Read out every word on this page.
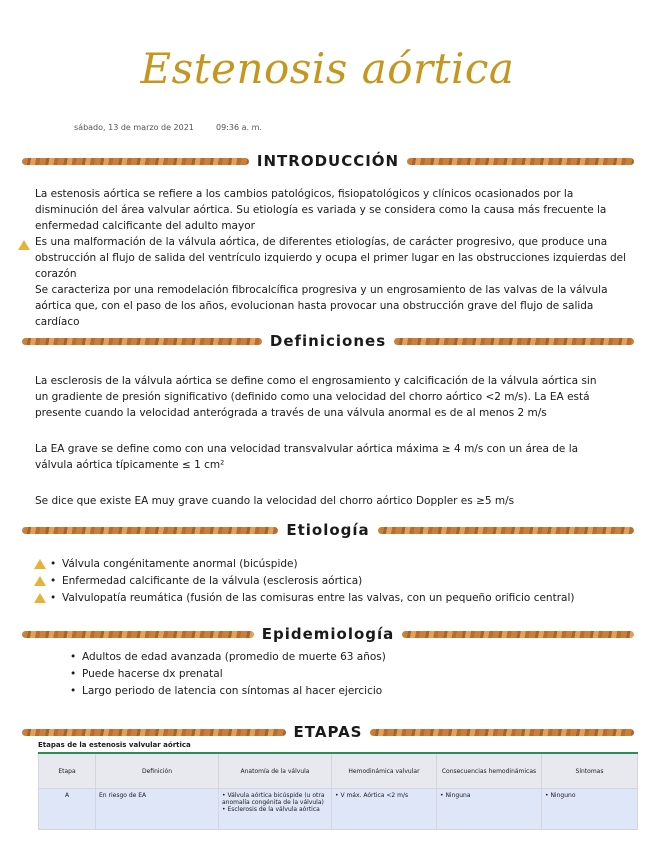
Estenosis aórtica
sábado, 13 de marzo de 2021	09:36 a. m.
INTRODUCCIÓN

La estenosis aórtica se refiere a los cambios patológicos, fisiopatológicos y clínicos ocasionados por la disminución del área valvular aórtica. Su etiología es variada y se considera como la causa más frecuente la enfermedad calcificante del adulto mayor

Es una malformación de la válvula aórtica, de diferentes etiologías, de carácter progresivo, que produce una obstrucción al flujo de salida del ventrículo izquierdo y ocupa el primer lugar en las obstrucciones izquierdas del corazón

Se caracteriza por una remodelación fibrocalcífica progresiva y un engrosamiento de las valvas de la válvula aórtica que, con el paso de los años, evolucionan hasta provocar una obstrucción grave del flujo de salida cardíaco

Definiciones

La esclerosis de la válvula aórtica se define como el engrosamiento y calcificación de la válvula aórtica sin un gradiente de presión significativo (definido como una velocidad del chorro aórtico <2 m/s). La EA está presente cuando la velocidad anterógrada a través de una válvula anormal es de al menos 2 m/s

La EA grave se define como con una velocidad transvalvular aórtica máxima ≥ 4 m/s con un área de la válvula aórtica típicamente ≤ 1 cm²

Se dice que existe EA muy grave cuando la velocidad del chorro aórtico Doppler es ≥5 m/s

Etiología
• Válvula congénitamente anormal (bicúspide)
• Enfermedad calcificante de la válvula (esclerosis aórtica)
• Valvulopatía reumática (fusión de las comisuras entre las valvas, con un pequeño orificio central)
Epidemiología
• Adultos de edad avanzada (promedio de muerte 63 años)
• Puede hacerse dx prenatal
• Largo periodo de latencia con síntomas al hacer ejercicio
ETAPAS
Etapas de la estenosis valvular aórtica
Etapa	Definición	Anatomía de la válvula	Hemodinámica valvular	Consecuencias hemodinámicas	Síntomas
A	En riesgo de EA	• Válvula aórtica bicúspide (u otra anomalía congénita de la válvula) • Esclerosis de la válvula aórtica	• V máx. Aórtica <2 m/s	• Ninguna	• Ninguno
